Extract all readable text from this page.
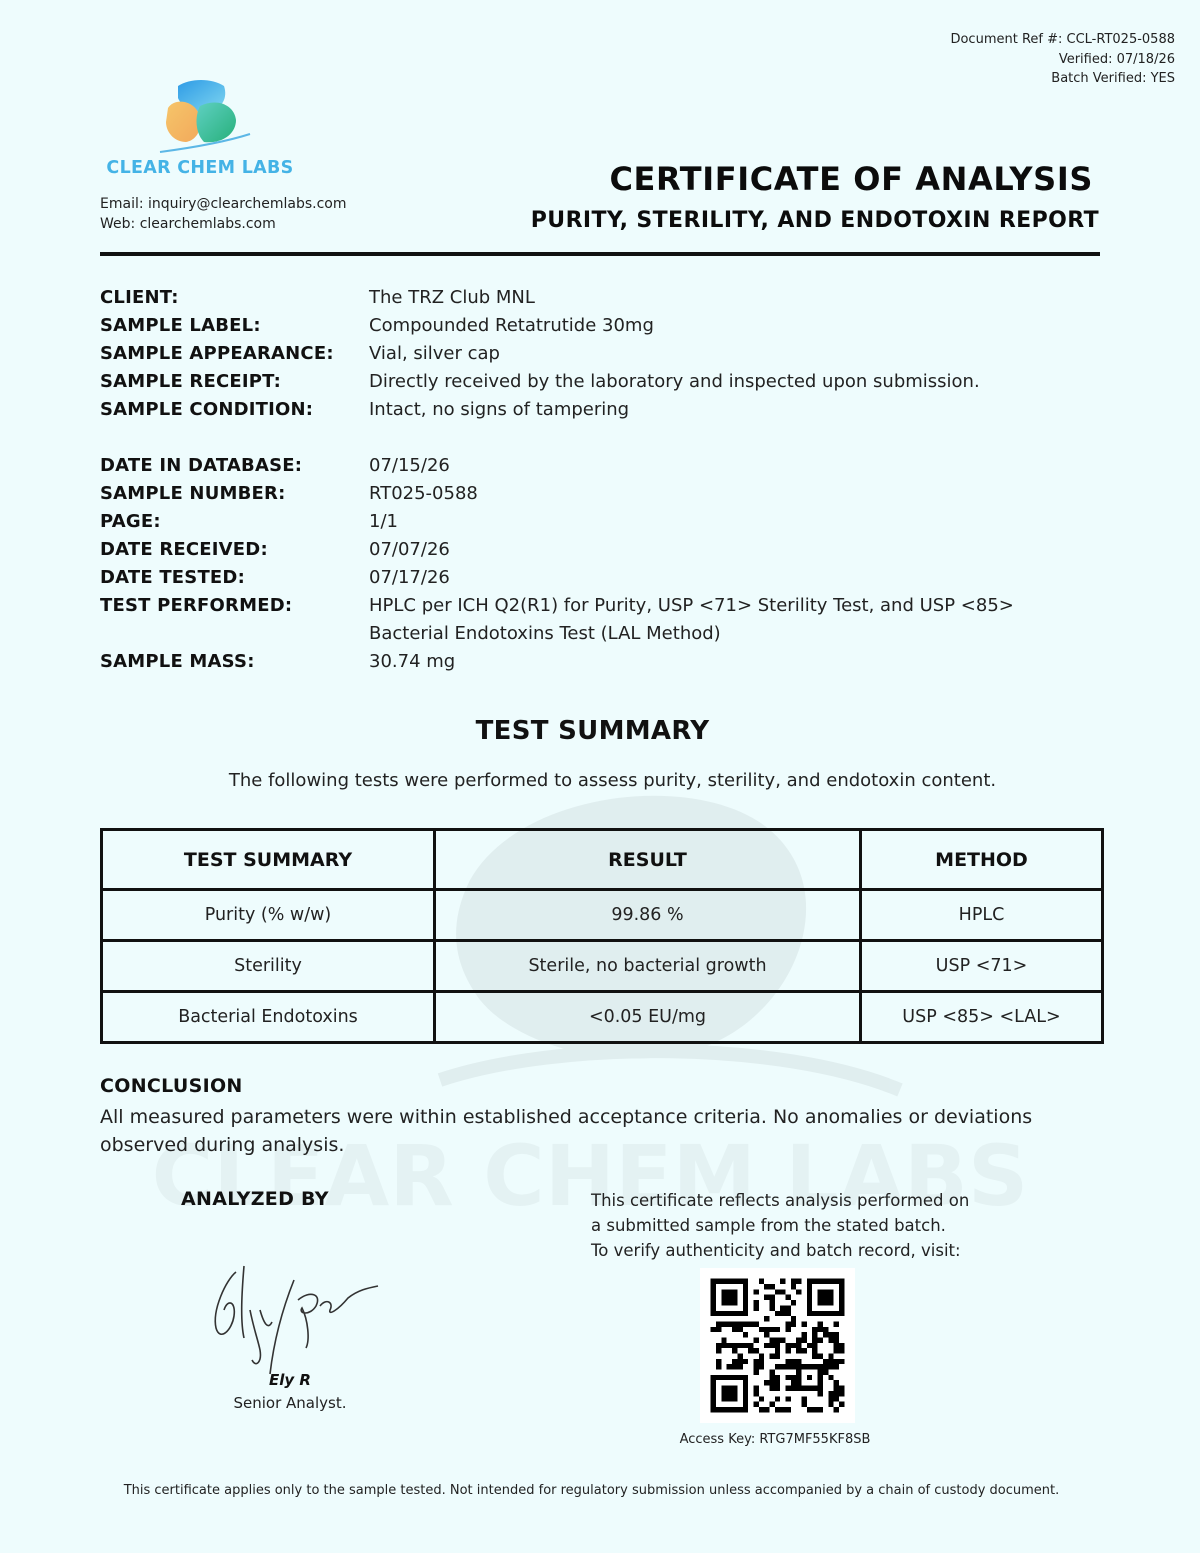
Document Ref #: CCL-RT025-0588
Verified: 07/18/26
Batch Verified: YES
CLEAR CHEM LABS
Email: inquiry@clearchemlabs.com
Web: clearchemlabs.com
CERTIFICATE OF ANALYSIS
PURITY, STERILITY, AND ENDOTOXIN REPORT
CLIENT:	The TRZ Club MNL
SAMPLE LABEL:	Compounded Retatrutide 30mg
SAMPLE APPEARANCE: Vial, silver cap
SAMPLE RECEIPT:	Directly received by the laboratory and inspected upon submission.
SAMPLE CONDITION:	Intact, no signs of tampering
DATE IN DATABASE:	07/15/26
SAMPLE NUMBER:	RT025-0588
PAGE:	1/1
DATE RECEIVED:	07/07/26
DATE TESTED:	07/17/26
TEST PERFORMED:	HPLC per ICH Q2(R1) for Purity, USP <71> Sterility Test, and USP <85>
Bacterial Endotoxins Test (LAL Method)
SAMPLE MASS:	30.74 mg
TEST SUMMARY
The following tests were performed to assess purity, sterility, and endotoxin content.
TEST SUMMARY	RESULT	METHOD
Purity (% w/w)	99.86 %	HPLC
Sterility	Sterile, no bacterial growth	USP <71>
Bacterial Endotoxins	<0.05 EU/mg	USP <85> <LAL>
CONCLUSION
All measured parameters were within established acceptance criteria. No anomalies or deviations observed during analysis.
ANALYZED BY
Ely R
Senior Analyst.
This certificate reflects analysis performed on
a submitted sample from the stated batch.
To verify authenticity and batch record, visit:
Access Key: RTG7MF55KF8SB
This certificate applies only to the sample tested. Not intended for regulatory submission unless accompanied by a chain of custody document.
